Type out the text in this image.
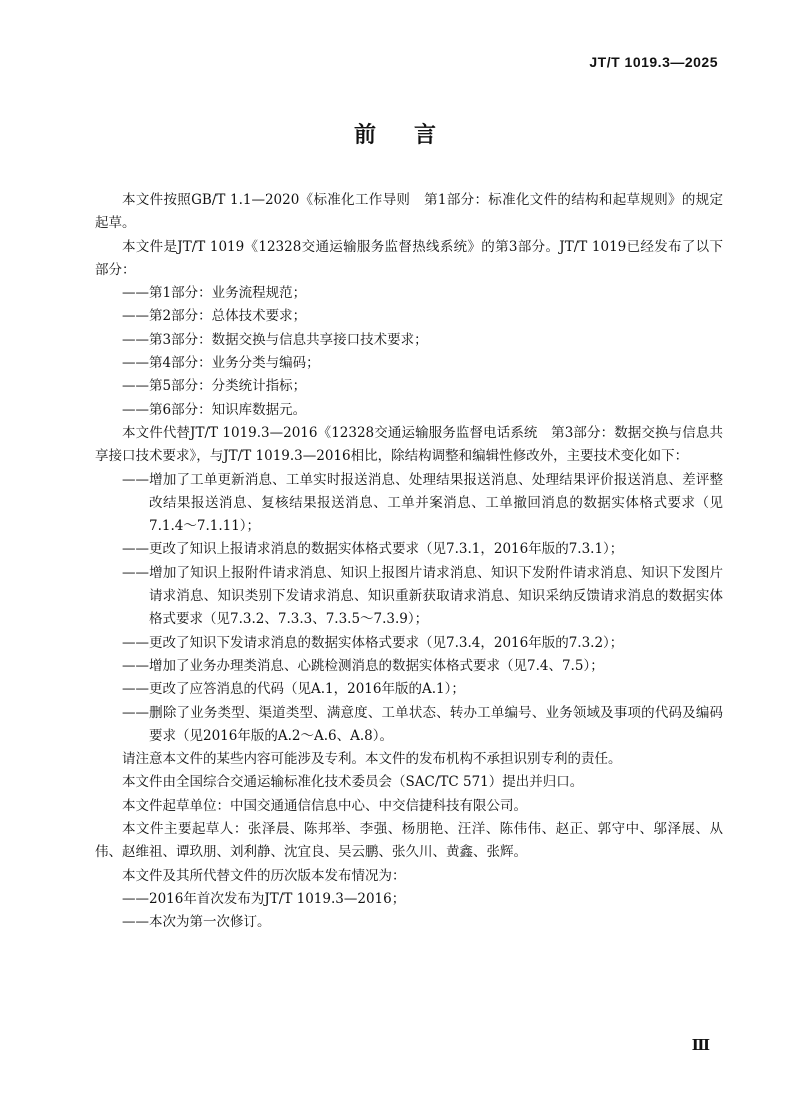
JT/T 1019.3—2025
前言

本文件按照GB/T 1.1—2020《标准化工作导则　第1部分：标准化文件的结构和起草规则》的规定起草。

本文件是JT/T 1019《12328交通运输服务监督热线系统》的第3部分。JT/T 1019已经发布了以下部分：

——第1部分：业务流程规范；

——第2部分：总体技术要求；

——第3部分：数据交换与信息共享接口技术要求；

——第4部分：业务分类与编码；

——第5部分：分类统计指标；

——第6部分：知识库数据元。

本文件代替JT/T 1019.3—2016《12328交通运输服务监督电话系统　第3部分：数据交换与信息共享接口技术要求》，与JT/T 1019.3—2016相比，除结构调整和编辑性修改外，主要技术变化如下：

——增加了工单更新消息、工单实时报送消息、处理结果报送消息、处理结果评价报送消息、差评整改结果报送消息、复核结果报送消息、工单并案消息、工单撤回消息的数据实体格式要求（见7.1.4～7.1.11）；

——更改了知识上报请求消息的数据实体格式要求（见7.3.1，2016年版的7.3.1）；

——增加了知识上报附件请求消息、知识上报图片请求消息、知识下发附件请求消息、知识下发图片请求消息、知识类别下发请求消息、知识重新获取请求消息、知识采纳反馈请求消息的数据实体格式要求（见7.3.2、7.3.3、7.3.5～7.3.9）；

——更改了知识下发请求消息的数据实体格式要求（见7.3.4，2016年版的7.3.2）；

——增加了业务办理类消息、心跳检测消息的数据实体格式要求（见7.4、7.5）；

——更改了应答消息的代码（见A.1，2016年版的A.1）；

——删除了业务类型、渠道类型、满意度、工单状态、转办工单编号、业务领域及事项的代码及编码要求（见2016年版的A.2～A.6、A.8）。

请注意本文件的某些内容可能涉及专利。本文件的发布机构不承担识别专利的责任。

本文件由全国综合交通运输标准化技术委员会（SAC/TC 571）提出并归口。

本文件起草单位：中国交通通信信息中心、中交信捷科技有限公司。

本文件主要起草人：张泽晨、陈邦举、李强、杨朋艳、汪洋、陈伟伟、赵正、郭守中、邬泽展、从伟、赵维祖、谭玖朋、刘利静、沈宜良、吴云鹏、张久川、黄鑫、张辉。

本文件及其所代替文件的历次版本发布情况为：

——2016年首次发布为JT/T 1019.3—2016；

——本次为第一次修订。

Ⅲ
